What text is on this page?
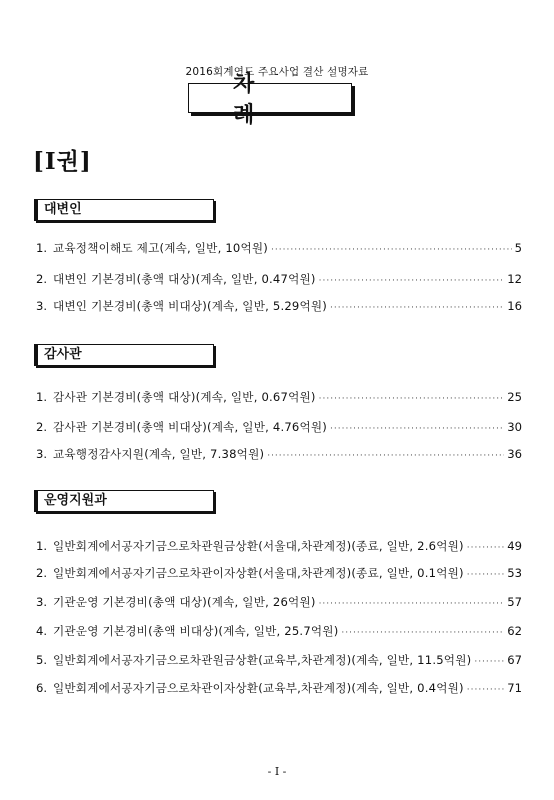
2016회계연도 주요사업 결산 설명자료
차 례
[Ⅰ권]
대변인
1. 교육정책이해도 제고(계속, 일반, 10억원) ·····	5
2. 대변인 기본경비(총액 대상)(계속, 일반, 0.47억원) ·····	12
3. 대변인 기본경비(총액 비대상)(계속, 일반, 5.29억원) ·····	16
감사관
1. 감사관 기본경비(총액 대상)(계속, 일반, 0.67억원) ·····	25
2. 감사관 기본경비(총액 비대상)(계속, 일반, 4.76억원) ·····	30
3. 교육행정감사지원(계속, 일반, 7.38억원) ·····	36
운영지원과
1. 일반회계에서공자기금으로차관원금상환(서울대,차관계정)(종료, 일반, 2.6억원) ·····	49
2. 일반회계에서공자기금으로차관이자상환(서울대,차관계정)(종료, 일반, 0.1억원) ·····	53
3. 기관운영 기본경비(총액 대상)(계속, 일반, 26억원) ·····	57
4. 기관운영 기본경비(총액 비대상)(계속, 일반, 25.7억원) ·····	62
5. 일반회계에서공자기금으로차관원금상환(교육부,차관계정)(계속, 일반, 11.5억원) ·····	67
6. 일반회계에서공자기금으로차관이자상환(교육부,차관계정)(계속, 일반, 0.4억원) ·····	71
- Ⅰ -
